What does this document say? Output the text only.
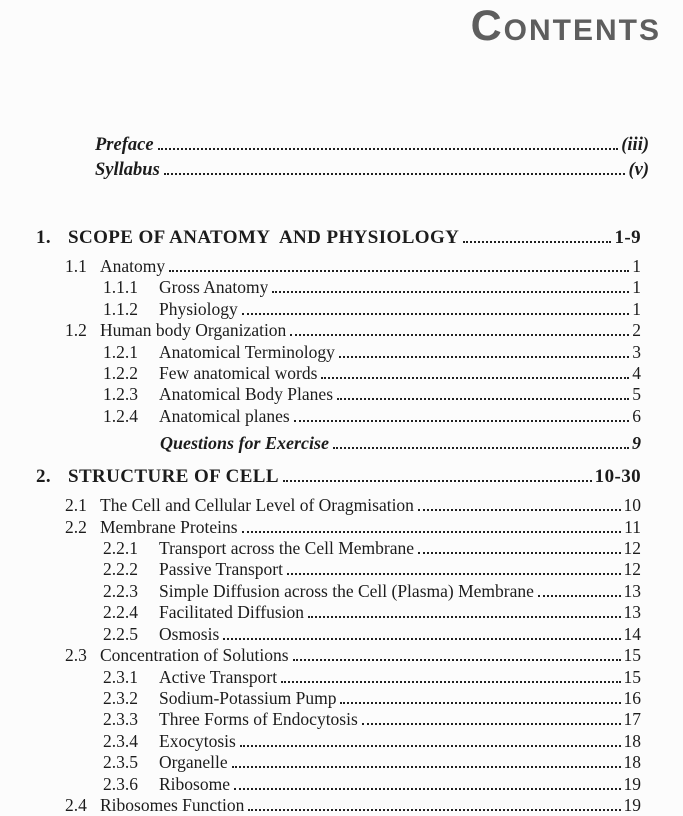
CONTENTS
Preface	(iii)
Syllabus	(v)
1. SCOPE OF ANATOMY  AND PHYSIOLOGY	1-9
1.1 Anatomy	1
1.1.1	Gross Anatomy	1
1.1.2	Physiology	1
1.2 Human body Organization	2
1.2.1	Anatomical Terminology	3
1.2.2	Few anatomical words	4
1.2.3	Anatomical Body Planes	5
1.2.4	Anatomical planes	6
Questions for Exercise	9
2. STRUCTURE OF CELL	10-30
2.1 The Cell and Cellular Level of Oragmisation	10
2.2 Membrane Proteins	11
2.2.1	Transport across the Cell Membrane	12
2.2.2	Passive Transport	12
2.2.3	Simple Diffusion across the Cell (Plasma) Membrane	13
2.2.4	Facilitated Diffusion	13
2.2.5	Osmosis	14
2.3 Concentration of Solutions	15
2.3.1	Active Transport	15
2.3.2	Sodium-Potassium Pump	16
2.3.3	Three Forms of Endocytosis	17
2.3.4	Exocytosis	18
2.3.5	Organelle	18
2.3.6	Ribosome	19
2.4 Ribosomes Function	19
